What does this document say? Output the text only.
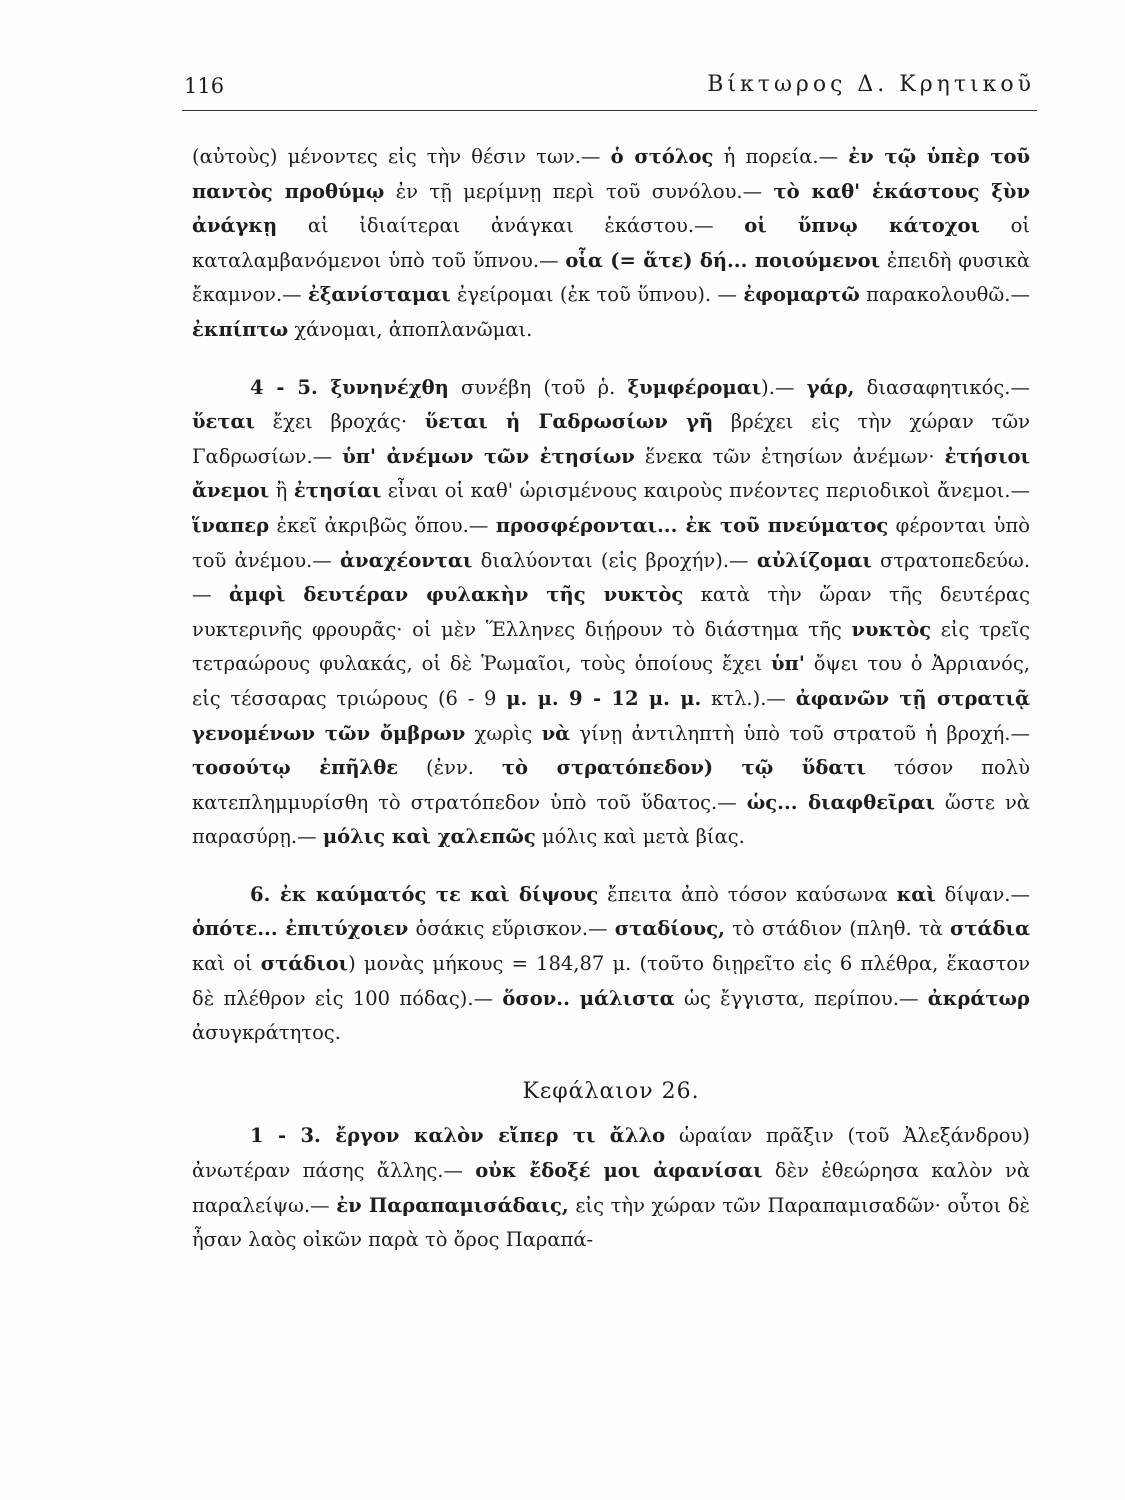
116	Βίκτωρος Δ. Κρητικοῦ

(αὐτοὺς) μένοντες εἰς τὴν θέσιν των.— ὁ στόλος ἡ πορεία.— ἐν τῷ ὑπὲρ τοῦ παντὸς προθύμῳ ἐν τῇ μερίμνῃ περὶ τοῦ συνόλου.— τὸ καθ' ἑκάστους ξὺν ἀνάγκῃ αἱ ἰδιαίτεραι ἀνάγκαι ἑκάστου.— οἱ ὕπνῳ κάτοχοι οἱ καταλαμβανόμενοι ὑπὸ τοῦ ὕπνου.— οἷα (= ἅτε) δή... ποιούμενοι ἐπειδὴ φυσικὰ ἔκαμνον.— ἐξανίσταμαι ἐγείρομαι (ἐκ τοῦ ὕπνου). — ἐφομαρτῶ παρακολουθῶ.— ἐκπίπτω χάνομαι, ἀποπλανῶμαι.

4 - 5. ξυνηνέχθη συνέβη (τοῦ ῥ. ξυμφέρομαι).— γάρ, διασαφητικός.— ὕεται ἔχει βροχάς· ὕεται ἡ Γαδρωσίων γῆ βρέχει εἰς τὴν χώραν τῶν Γαδρωσίων.— ὑπ' ἀνέμων τῶν ἐτησίων ἕνεκα τῶν ἐτησίων ἀνέμων· ἐτήσιοι ἄνεμοι ἢ ἐτησίαι εἶναι οἱ καθ' ὡρισμένους καιροὺς πνέοντες περιοδικοὶ ἄνεμοι.— ἵναπερ ἐκεῖ ἀκριβῶς ὅπου.— προσφέρονται... ἐκ τοῦ πνεύματος φέρονται ὑπὸ τοῦ ἀνέμου.— ἀναχέονται διαλύονται (εἰς βροχήν).— αὐλίζομαι στρατοπεδεύω.— ἀμφὶ δευτέραν φυλακὴν τῆς νυκτὸς κατὰ τὴν ὥραν τῆς δευτέρας νυκτερινῆς φρουρᾶς· οἱ μὲν Ἕλληνες διῄρουν τὸ διάστημα τῆς νυκτὸς εἰς τρεῖς τετραώρους φυλακάς, οἱ δὲ Ῥωμαῖοι, τοὺς ὁποίους ἔχει ὑπ' ὄψει του ὁ Ἀρριανός, εἰς τέσσαρας τριώρους (6 - 9 μ. μ. 9 - 12 μ. μ. κτλ.).— ἀφανῶν τῇ στρατιᾷ γενομένων τῶν ὄμβρων χωρὶς νὰ γίνῃ ἀντιληπτὴ ὑπὸ τοῦ στρατοῦ ἡ βροχή.— τοσούτῳ ἐπῆλθε (ἐνν. τὸ στρατόπεδον) τῷ ὕδατι τόσον πολὺ κατεπλημμυρίσθη τὸ στρατόπεδον ὑπὸ τοῦ ὕδατος.— ὡς... διαφθεῖραι ὥστε νὰ παρασύρῃ.— μόλις καὶ χαλεπῶς μόλις καὶ μετὰ βίας.

6. ἐκ καύματός τε καὶ δίψους ἔπειτα ἀπὸ τόσον καύσωνα καὶ δίψαν.— ὁπότε... ἐπιτύχοιεν ὁσάκις εὕρισκον.— σταδίους, τὸ στάδιον (πληθ. τὰ στάδια καὶ οἱ στάδιοι) μονὰς μήκους = 184,87 μ. (τοῦτο διῃρεῖτο εἰς 6 πλέθρα, ἕκαστον δὲ πλέθρον εἰς 100 πόδας).— ὅσον.. μάλιστα ὡς ἔγγιστα, περίπου.— ἀκράτωρ ἀσυγκράτητος.

Κεφάλαιον 26.

1 - 3. ἔργον καλὸν εἴπερ τι ἄλλο ὡραίαν πρᾶξιν (τοῦ Ἀλεξάνδρου) ἀνωτέραν πάσης ἄλλης.— οὐκ ἔδοξέ μοι ἀφανίσαι δὲν ἐθεώρησα καλὸν νὰ παραλείψω.— ἐν Παραπαμισάδαις, εἰς τὴν χώραν τῶν Παραπαμισαδῶν· οὗτοι δὲ ἦσαν λαὸς οἰκῶν παρὰ τὸ ὄρος Παραπά-
